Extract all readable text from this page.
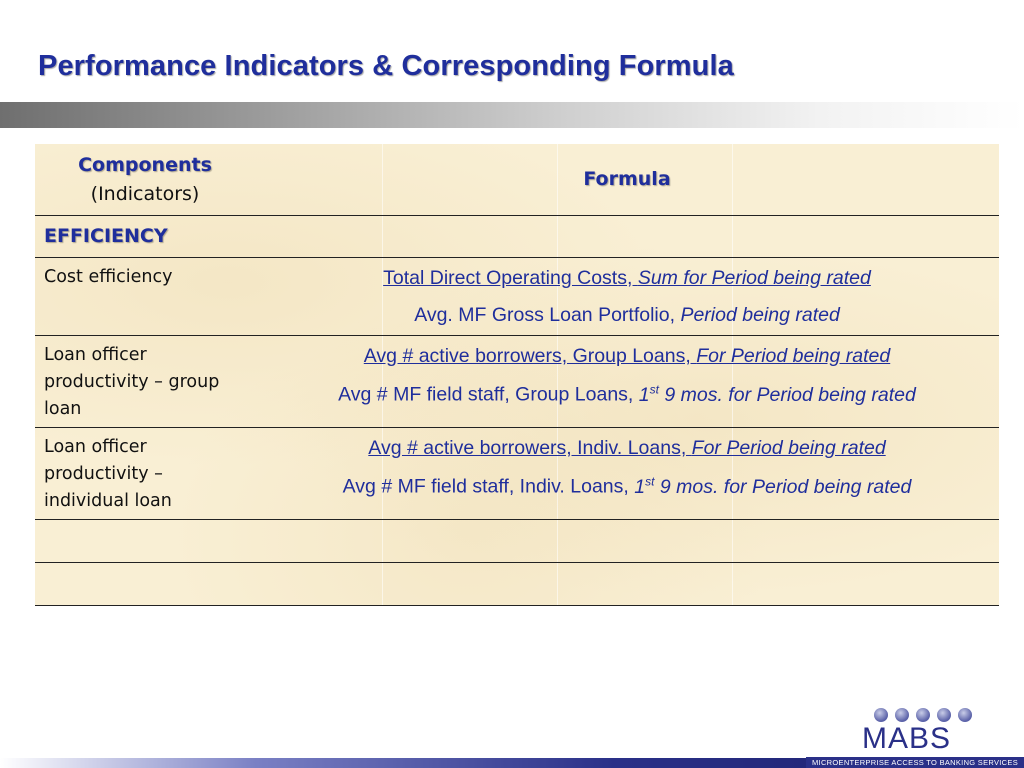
Performance Indicators & Corresponding Formula
Components
(Indicators)
Formula
EFFICIENCY
Cost efficiency	Total Direct Operating Costs, Sum for Period being rated
Avg. MF Gross Loan Portfolio, Period being rated
Loan officer productivity – group loan
Avg # active borrowers, Group Loans, For Period being rated
Avg # MF field staff, Group Loans, 1st 9 mos. for Period being rated
Loan officer productivity – individual loan
Avg # active borrowers, Indiv. Loans, For Period being rated
Avg # MF field staff, Indiv. Loans, 1st 9 mos. for Period being rated
MABS
MICROENTERPRISE ACCESS TO BANKING SERVICES
